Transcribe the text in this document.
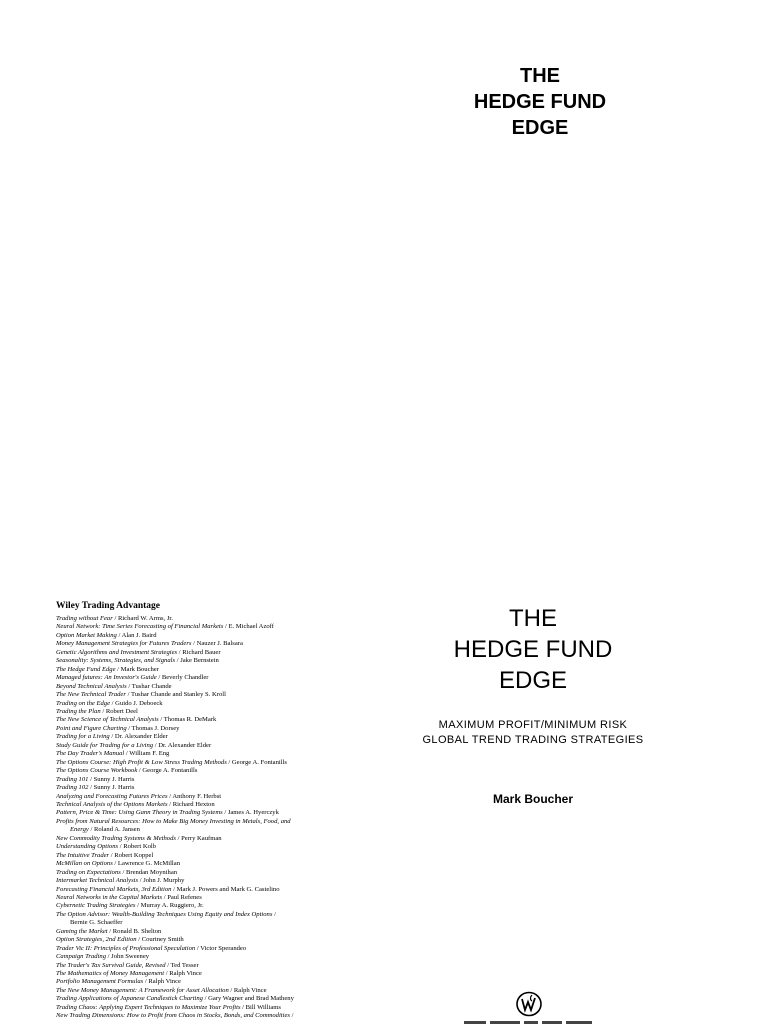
THE
HEDGE FUND
EDGE
Wiley Trading Advantage
Trading without Fear / Richard W. Arms, Jr.
Neural Network: Time Series Forecasting of Financial Markets / E. Michael Azoff
Option Market Making / Alan J. Baird
Money Management Strategies for Futures Traders / Nauzer J. Balsara
Genetic Algorithms and Investment Strategies / Richard Bauer
Seasonality: Systems, Strategies, and Signals / Jake Bernstein
The Hedge Fund Edge / Mark Boucher
Managed futures: An Investor's Guide / Beverly Chandler
Beyond Technical Analysis / Tushar Chande
The New Technical Trader / Tushar Chande and Stanley S. Kroll
Trading on the Edge / Guido J. Deboeck
Trading the Plan / Robert Deel
The New Science of Technical Analysis / Thomas R. DeMark
Point and Figure Charting / Thomas J. Dorsey
Trading for a Living / Dr. Alexander Elder
Study Guide for Trading for a Living / Dr. Alexander Elder
The Day Trader's Manual / William F. Eng
The Options Course: High Profit & Low Stress Trading Methods / George A. Fontanills
The Options Course Workbook / George A. Fontanills
Trading 101 / Sunny J. Harris
Trading 102 / Sunny J. Harris
Analyzing and Forecasting Futures Prices / Anthony F. Herbst
Technical Analysis of the Options Markets / Richard Hexton
Pattern, Price & Time: Using Gann Theory in Trading Systems / James A. Hyerczyk
Profits from Natural Resources: How to Make Big Money Investing in Metals, Food, and
Energy / Roland A. Jansen
New Commodity Trading Systems & Methods / Perry Kaufman
Understanding Options / Robert Kolb
The Intuitive Trader / Robert Koppel
McMillan on Options / Lawrence G. McMillan
Trading on Expectations / Brendan Moynihan
Intermarket Technical Analysis / John J. Murphy
Forecasting Financial Markets, 3rd Edition / Mark J. Powers and Mark G. Castelino
Neural Networks in the Capital Markets / Paul Refenes
Cybernetic Trading Strategies / Murray A. Ruggiero, Jr.
The Option Advisor: Wealth-Building Techniques Using Equity and Index Options /
Bernie G. Schaeffer
Gaming the Market / Ronald B. Shelton
Option Strategies, 2nd Edition / Courtney Smith
Trader Vic II: Principles of Professional Speculation / Victor Sperandeo
Campaign Trading / John Sweeney
The Trader's Tax Survival Guide, Revised / Ted Tesser
The Mathematics of Money Management / Ralph Vince
Portfolio Management Formulas / Ralph Vince
The New Money Management: A Framework for Asset Allocation / Ralph Vince
Trading Applications of Japanese Candlestick Charting / Gary Wagner and Brad Matheny
Trading Chaos: Applying Expert Techniques to Maximize Your Profits / Bill Williams
New Trading Dimensions: How to Profit from Chaos in Stocks, Bonds, and Commodities /
THE
HEDGE FUND
EDGE
MAXIMUM PROFIT/MINIMUM RISK
GLOBAL TREND TRADING STRATEGIES
Mark Boucher
